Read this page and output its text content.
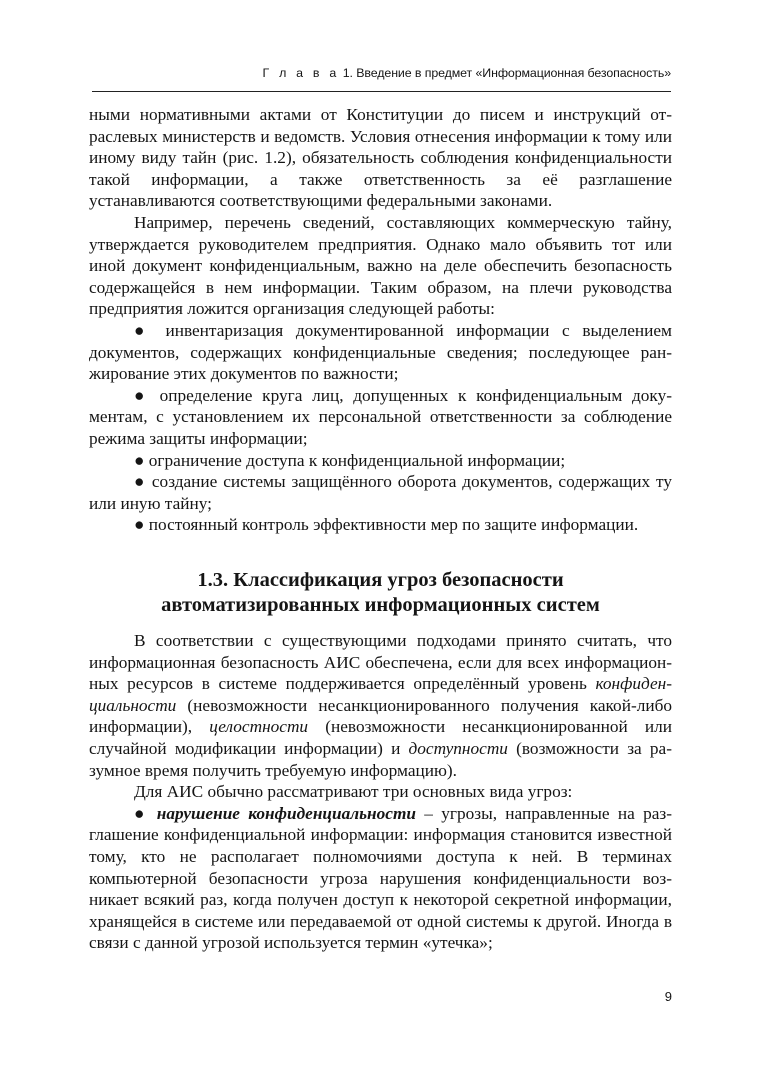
Г л а в а 1. Введение в предмет «Информационная безопасность»

ными нормативными актами от Конституции до писем и инструкций отраслевых министерств и ведомств. Условия отнесения информации к тому или иному виду тайн (рис. 1.2), обязательность соблюдения конфиденциальности такой информации, а также ответственность за её разглашение устанавливаются соответствующими федеральными законами.

Например, перечень сведений, составляющих коммерческую тайну, утверждается руководителем предприятия. Однако мало объявить тот или иной документ конфиденциальным, важно на деле обеспечить безопасность содержащейся в нем информации. Таким образом, на плечи руководства предприятия ложится организация следующей работы:

● инвентаризация документированной информации с выделением документов, содержащих конфиденциальные сведения; последующее ранжирование этих документов по важности;

● определение круга лиц, допущенных к конфиденциальным документам, с установлением их персональной ответственности за соблюдение режима защиты информации;

● ограничение доступа к конфиденциальной информации;

● создание системы защищённого оборота документов, содержащих ту или иную тайну;

● постоянный контроль эффективности мер по защите информации.

1.3. Классификация угроз безопасности
автоматизированных информационных систем

В соответствии с существующими подходами принято считать, что информационная безопасность АИС обеспечена, если для всех информационных ресурсов в системе поддерживается определённый уровень конфиденциальности (невозможности несанкционированного получения какой-либо информации), целостности (невозможности несанкционированной или случайной модификации информации) и доступности (возможности за разумное время получить требуемую информацию).

Для АИС обычно рассматривают три основных вида угроз:

● нарушение конфиденциальности – угрозы, направленные на разглашение конфиденциальной информации: информация становится известной тому, кто не располагает полномочиями доступа к ней. В терминах компьютерной безопасности угроза нарушения конфиденциальности возникает всякий раз, когда получен доступ к некоторой секретной информации, хранящейся в системе или передаваемой от одной системы к другой. Иногда в связи с данной угрозой используется термин «утечка»;

9
